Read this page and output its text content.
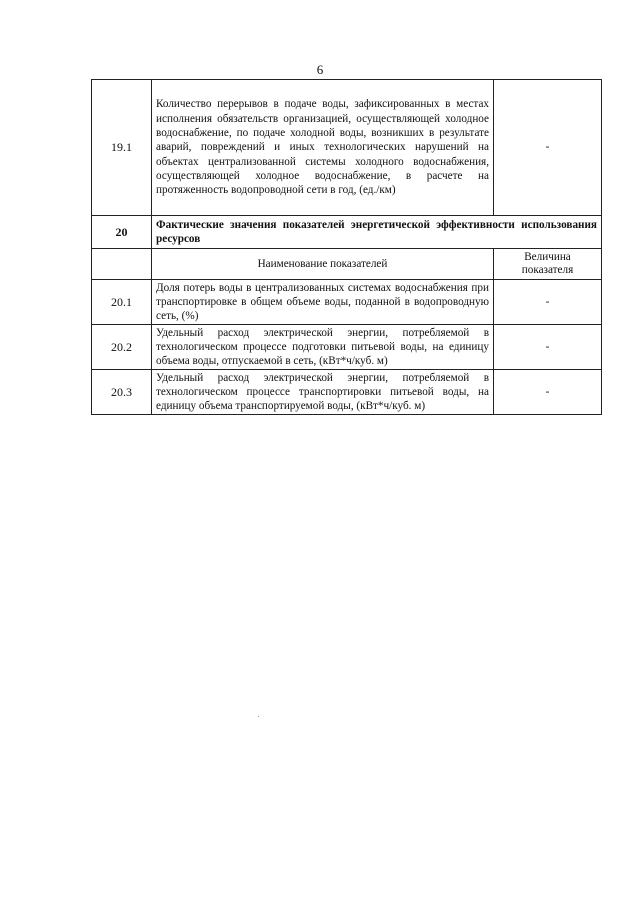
6
19.1	Количество перерывов в подаче воды, зафиксированных в местах исполнения обязательств организацией, осуществляющей холодное водоснабжение, по подаче холодной воды, возникших в результате аварий, повреждений и иных технологических нарушений на объектах централизованной системы холодного водоснабжения, осуществляющей холодное водоснабжение, в расчете на протяженность водопроводной сети в год, (ед./км)	-
20	Фактические значения показателей энергетической эффективности использования ресурсов	
	Наименование показателей	Величина показателя
20.1	Доля потерь воды в централизованных системах водоснабжения при транспортировке в общем объеме воды, поданной в водопроводную сеть, (%)	-
20.2	Удельный расход электрической энергии, потребляемой в технологическом процессе подготовки питьевой воды, на единицу объема воды, отпускаемой в сеть, (кВт*ч/куб. м)	-
20.3	Удельный расход электрической энергии, потребляемой в технологическом процессе транспортировки питьевой воды, на единицу объема транспортируемой воды, (кВт*ч/куб. м)	-
